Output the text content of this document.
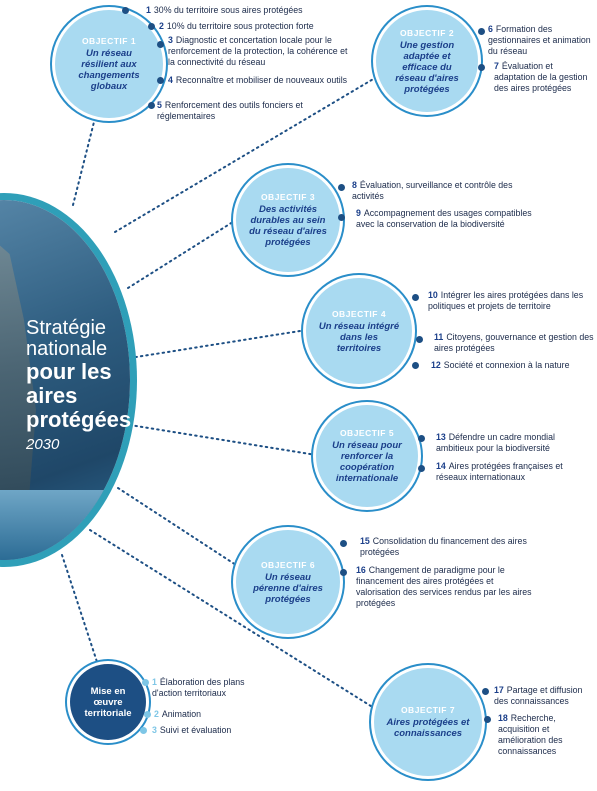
Stratégie
nationale
pour les
aires
protégées
2030
OBJECTIF 1
Un réseau résilient aux changements globaux
1 30% du territoire sous aires protégées
2 10% du territoire sous protection forte
3 Diagnostic et concertation locale pour le renforcement de la protection, la cohérence et la connectivité du réseau
4 Reconnaître et mobiliser de nouveaux outils
5 Renforcement des outils fonciers et réglementaires
OBJECTIF 2
Une gestion adaptée et efficace du réseau d'aires protégées
6 Formation des gestionnaires et animation du réseau
7 Évaluation et adaptation de la gestion des aires protégées
OBJECTIF 3
Des activités durables au sein du réseau d'aires protégées
8 Évaluation, surveillance et contrôle des activités
9 Accompagnement des usages compatibles avec la conservation de la biodiversité
OBJECTIF 4
Un réseau intégré dans les territoires
10 Intégrer les aires protégées dans les politiques et projets de territoire
11 Citoyens, gouvernance et gestion des aires protégées
12 Société et connexion à la nature
OBJECTIF 5
Un réseau pour renforcer la coopération internationale
13 Défendre un cadre mondial ambitieux pour la biodiversité
14 Aires protégées françaises et réseaux internationaux
OBJECTIF 6
Un réseau pérenne d'aires protégées
15 Consolidation du financement des aires protégées
16 Changement de paradigme pour le financement des aires protégées et valorisation des services rendus par les aires protégées
OBJECTIF 7
Aires protégées et connaissances
17 Partage et diffusion des connaissances
18 Recherche, acquisition et amélioration des connaissances
Mise en œuvre territoriale
1 Élaboration des plans d'action territoriaux
2 Animation
3 Suivi et évaluation
